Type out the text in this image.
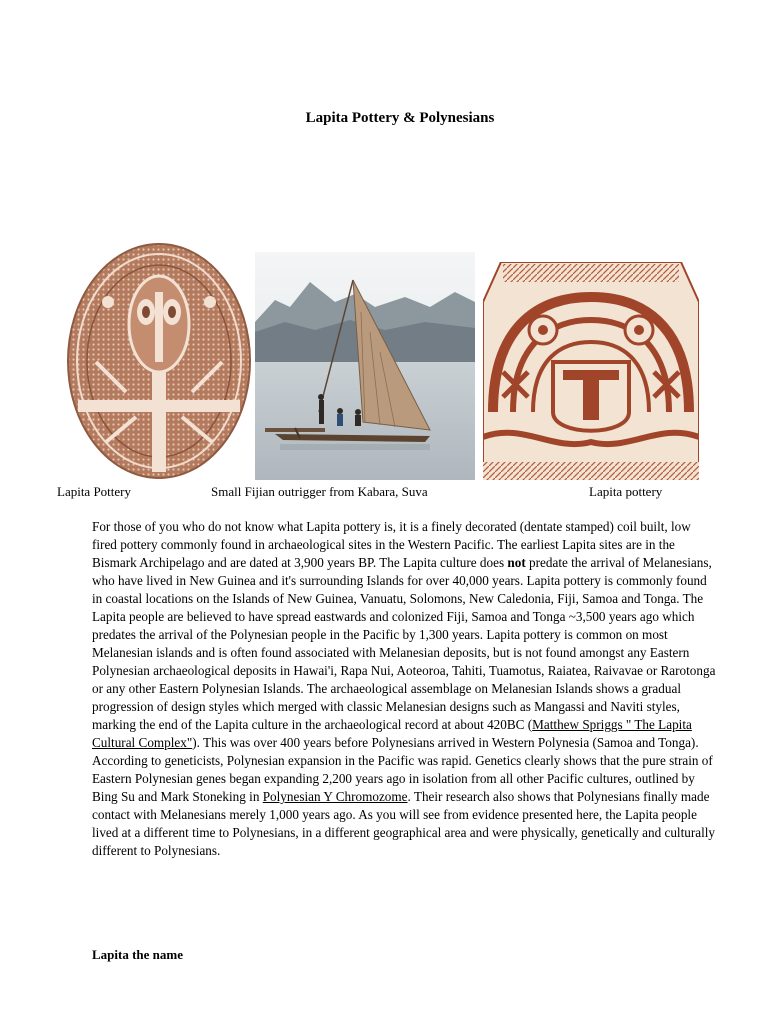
Lapita Pottery & Polynesians
Lapita Pottery	Small Fijian outrigger from Kabara, Suva	Lapita pottery

For those of you who do not know what Lapita pottery is, it is a finely decorated (dentate stamped) coil built, low fired pottery commonly found in archaeological sites in the Western Pacific. The earliest Lapita sites are in the Bismark Archipelago and are dated at 3,900 years BP. The Lapita culture does not predate the arrival of Melanesians, who have lived in New Guinea and it's surrounding Islands for over 40,000 years. Lapita pottery is commonly found in coastal locations on the Islands of New Guinea, Vanuatu, Solomons, New Caledonia, Fiji, Samoa and Tonga. The Lapita people are believed to have spread eastwards and colonized Fiji, Samoa and Tonga ~3,500 years ago which predates the arrival of the Polynesian people in the Pacific by 1,300 years. Lapita pottery is common on most Melanesian islands and is often found associated with Melanesian deposits, but is not found amongst any Eastern Polynesian archaeological deposits in Hawai'i, Rapa Nui, Aoteoroa, Tahiti, Tuamotus, Raiatea, Raivavae or Rarotonga or any other Eastern Polynesian Islands. The archaeological assemblage on Melanesian Islands shows a gradual progression of design styles which merged with classic Melanesian designs such as Mangassi and Naviti styles, marking the end of the Lapita culture in the archaeological record at about 420BC (Matthew Spriggs " The Lapita Cultural Complex"). This was over 400 years before Polynesians arrived in Western Polynesia (Samoa and Tonga).

According to geneticists, Polynesian expansion in the Pacific was rapid. Genetics clearly shows that the pure strain of Eastern Polynesian genes began expanding 2,200 years ago in isolation from all other Pacific cultures, outlined by Bing Su and Mark Stoneking in Polynesian Y Chromozome. Their research also shows that Polynesians finally made contact with Melanesians merely 1,000 years ago. As you will see from evidence presented here, the Lapita people lived at a different time to Polynesians, in a different geographical area and were physically, genetically and culturally different to Polynesians.

Lapita the name
